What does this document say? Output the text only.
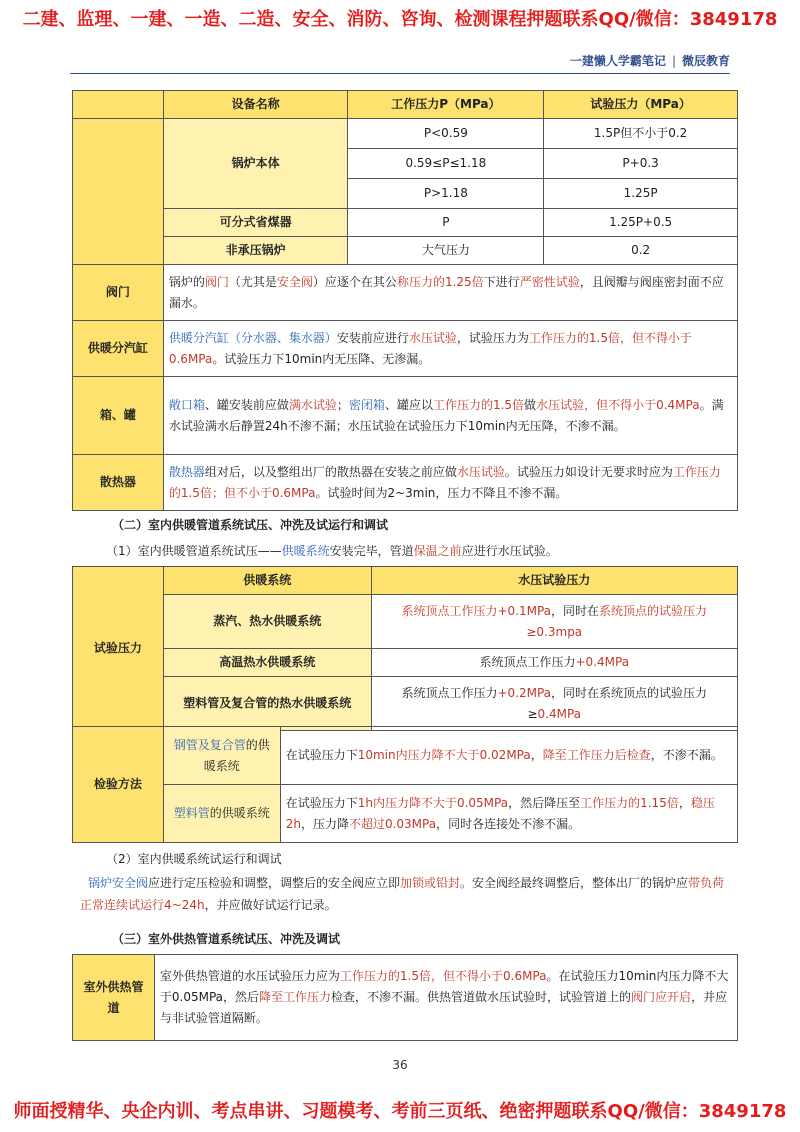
二建、监理、一建、一造、二造、安全、消防、咨询、检测课程押题联系QQ/微信：3849178
一建懒人学霸笔记 | 微辰教育
	设备名称	工作压力P（MPa）	试验压力（MPa）
	锅炉本体	P<0.59	1.5P但不小于0.2
		0.59≤P≤1.18	P+0.3
		P>1.18	1.25P
	可分式省煤器	P	1.25P+0.5
	非承压锅炉	大气压力	0.2
阀门	锅炉的阀门（尤其是安全阀）应逐个在其公称压力的1.25倍下进行严密性试验，且阀瓣与阀座密封面不应漏水。		
供暖分汽缸	供暖分汽缸（分水器、集水器）安装前应进行水压试验，试验压力为工作压力的1.5倍，但不得小于0.6MPa。试验压力下10min内无压降、无渗漏。		
箱、罐	敞口箱、罐安装前应做满水试验；密闭箱、罐应以工作压力的1.5倍做水压试验，但不得小于0.4MPa。满水试验满水后静置24h不渗不漏；水压试验在试验压力下10min内无压降，不渗不漏。		
散热器	散热器组对后，以及整组出厂的散热器在安装之前应做水压试验。试验压力如设计无要求时应为工作压力的1.5倍；但不小于0.6MPa。试验时间为2~3min，压力不降且不渗不漏。		
（二）室内供暖管道系统试压、冲洗及试运行和调试
（1）室内供暖管道系统试压——供暖系统安装完毕，管道保温之前应进行水压试验。
试验压力	供暖系统	水压试验压力
	蒸汽、热水供暖系统	系统顶点工作压力+0.1MPa，同时在系统顶点的试验压力≥0.3mpa
	高温热水供暖系统	系统顶点工作压力+0.4MPa
	塑料管及复合管的热水供暖系统	系统顶点工作压力+0.2MPa，同时在系统顶点的试验压力≥0.4MPa
检验方法	钢管及复合管的供暖系统	在试验压力下10min内压力降不大于0.02MPa，降至工作压力后检查，不渗不漏。
	塑料管的供暖系统	在试验压力下1h内压力降不大于0.05MPa，然后降压至工作压力的1.15倍，稳压2h，压力降不超过0.03MPa，同时各连接处不渗不漏。
（2）室内供暖系统试运行和调试
锅炉安全阀应进行定压检验和调整，调整后的安全阀应立即加锁或铅封。安全阀经最终调整后，整体出厂的锅炉应带负荷正常连续试运行4~24h，并应做好试运行记录。
（三）室外供热管道系统试压、冲洗及调试
室外供热管道	室外供热管道的水压试验压力应为工作压力的1.5倍，但不得小于0.6MPa。在试验压力10min内压力降不大于0.05MPa，然后降至工作压力检查，不渗不漏。供热管道做水压试验时，试验管道上的阀门应开启，并应与非试验管道隔断。
36
师面授精华、央企内训、考点串讲、习题模考、考前三页纸、绝密押题联系QQ/微信：3849178
